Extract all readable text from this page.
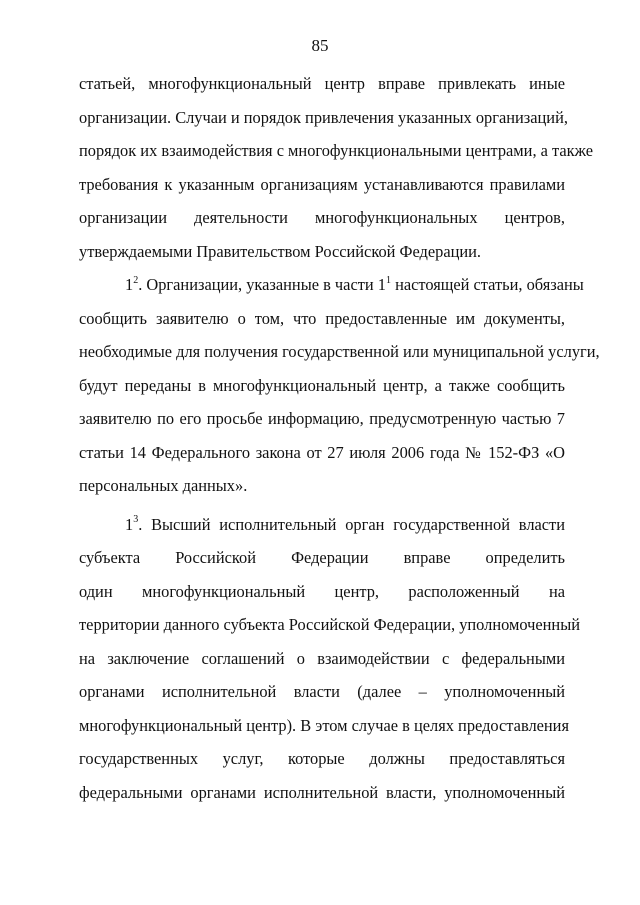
85
статьей, многофункциональный центр вправе привлекать иные
организации. Случаи и порядок привлечения указанных организаций,
порядок их взаимодействия с многофункциональными центрами, а также
требования к указанным организациям устанавливаются правилами
организации деятельности многофункциональных центров,
утверждаемыми Правительством Российской Федерации.
$1^2$. Организации, указанные в части $1^1$ настоящей статьи, обязаны
сообщить заявителю о том, что предоставленные им документы,
необходимые для получения государственной или муниципальной услуги,
будут переданы в многофункциональный центр, а также сообщить
заявителю по его просьбе информацию, предусмотренную частью 7
статьи 14 Федерального закона от 27 июля 2006 года № 152-ФЗ «О
персональных данных».
$1^3$. Высший исполнительный орган государственной власти
субъекта Российской Федерации вправе определить
один многофункциональный центр, расположенный на
территории данного субъекта Российской Федерации, уполномоченный
на заключение соглашений о взаимодействии с федеральными
органами исполнительной власти (далее – уполномоченный
многофункциональный центр). В этом случае в целях предоставления
государственных услуг, которые должны предоставляться
федеральными органами исполнительной власти, уполномоченный
